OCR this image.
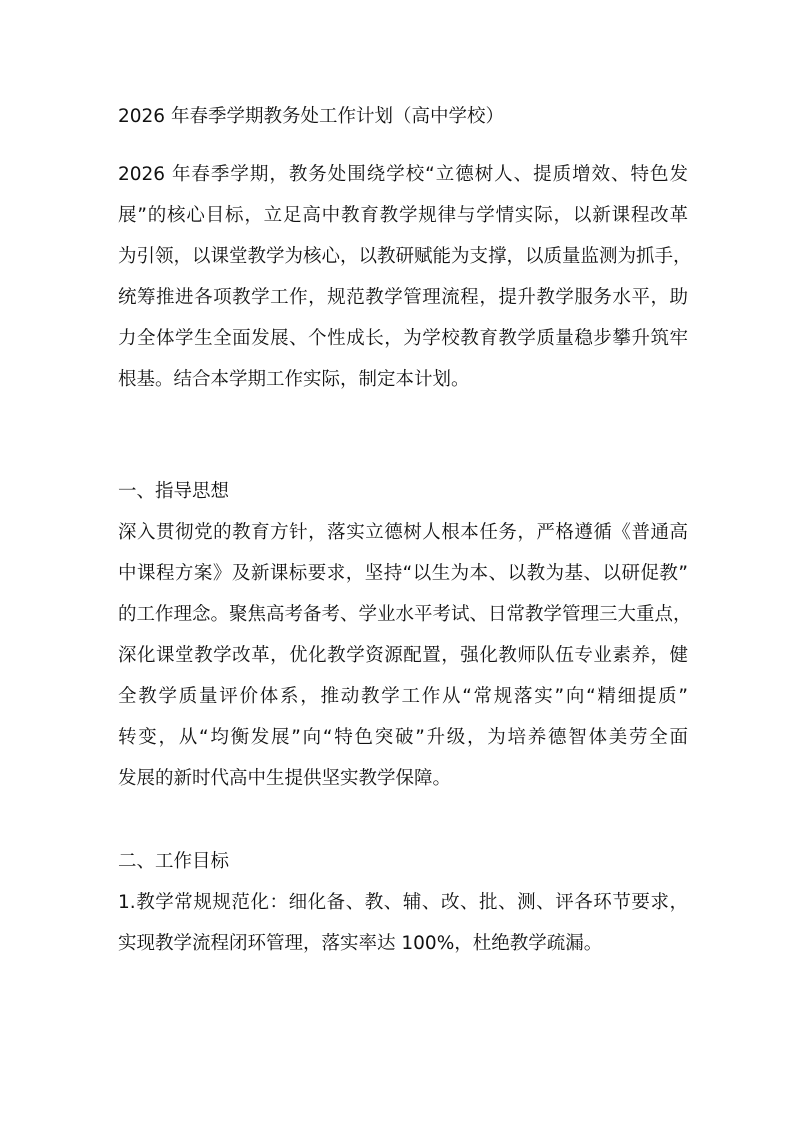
2026 年春季学期教务处工作计划（高中学校）
2026 年春季学期，教务处围绕学校“立德树人、提质增效、特色发
展”的核心目标，立足高中教育教学规律与学情实际，以新课程改革
为引领，以课堂教学为核心，以教研赋能为支撑，以质量监测为抓手，
统筹推进各项教学工作，规范教学管理流程，提升教学服务水平，助
力全体学生全面发展、个性成长，为学校教育教学质量稳步攀升筑牢
根基。结合本学期工作实际，制定本计划。
一、指导思想
深入贯彻党的教育方针，落实立德树人根本任务，严格遵循《普通高
中课程方案》及新课标要求，坚持“以生为本、以教为基、以研促教”
的工作理念。聚焦高考备考、学业水平考试、日常教学管理三大重点，
深化课堂教学改革，优化教学资源配置，强化教师队伍专业素养，健
全教学质量评价体系，推动教学工作从“常规落实”向“精细提质”
转变，从“均衡发展”向“特色突破”升级，为培养德智体美劳全面
发展的新时代高中生提供坚实教学保障。
二、工作目标
1.教学常规规范化：细化备、教、辅、改、批、测、评各环节要求，
实现教学流程闭环管理，落实率达 100%，杜绝教学疏漏。
